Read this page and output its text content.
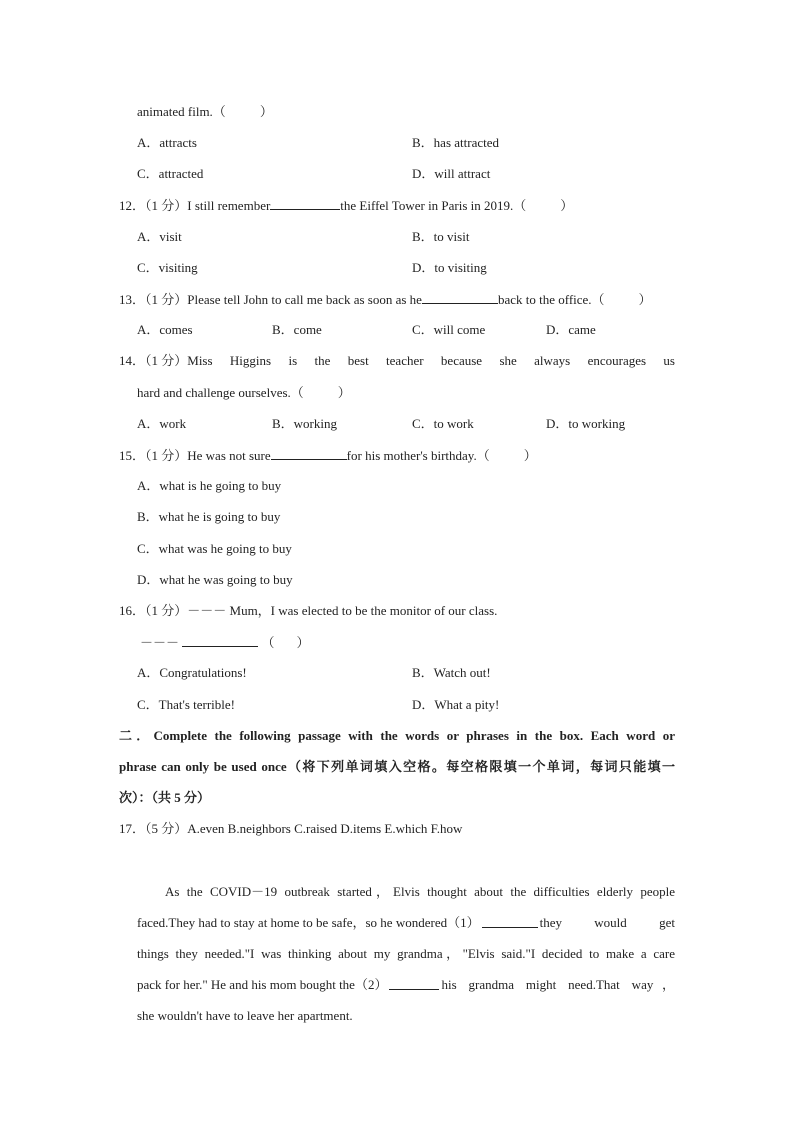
animated film.（	）
A．attracts	B．has attracted
C．attracted	D．will attract
12．（1 分）I still remember	the Eiffel Tower in Paris in 2019.（	）
A．visit	B．to visit
C．visiting	D．to visiting
13．（1 分）Please tell John to call me back as soon as he	back to the office.（	）
A．comes	B．come	C．will come	D．came
14．（1 分） Miss Higgins is the best teacher because she always encourages us
hard and challenge ourselves.（	）
A．work	B．working	C．to work	D．to working
15．（1 分）He was not sure	for his mother's birthday.（	）
A．what is he going to buy
B．what he is going to buy
C．what was he going to buy
D．what he was going to buy
16．（1 分）－－－ Mum，I was elected to be the monitor of our class.
－－－	（ ）
A．Congratulations!	B．Watch out!
C．That's terrible!	D．What a pity!
二．Complete the following passage with the words or phrases in the box. Each word or
phrase can only be used once（将下列单词填入空格。每空格限填一个单词，每词只能填一
次）：（共 5 分）
17．（5 分）A.even B.neighbors C.raised D.items E.which F.how
As the COVID－19 outbreak started，Elvis thought about the difficulties elderly people
faced.They had to stay at home to be safe，so he wondered（1）	they would get
things they needed."I was thinking about my grandma，"Elvis said."I decided to make a care
pack for her." He and his mom bought the（2）	his grandma might need.That way，
she wouldn't have to leave her apartment.
